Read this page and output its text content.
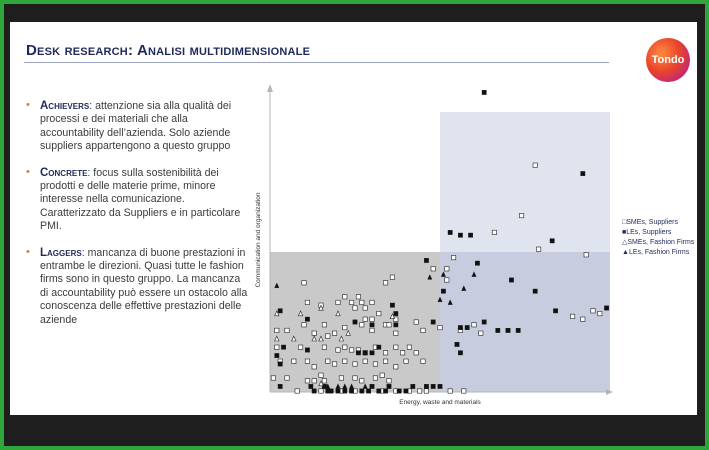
Desk research: Analisi multidimensionale
Tondo
• Achievers: attenzione sia alla qualità dei processi e dei materiali che alla accountability dell’azienda. Solo aziende suppliers appartengono a questo gruppo
• Concrete: focus sulla sostenibilità dei prodotti e delle materie prime, minore interesse nella comunicazione. Caratterizzato da Suppliers e in particolare PMI.
• Laggers: mancanza di buone prestazioni in entrambe le direzioni. Quasi tutte le fashion firms sono in questo gruppo. La mancanza di accountability può essere un ostacolo alla conoscenza delle effettive prestazioni delle aziende
Energy, waste and materials
Communication and organization	□SMEs, Suppliers
■LEs, Suppliers
△SMEs, Fashion Firms
▲LEs, Fashion Firms
